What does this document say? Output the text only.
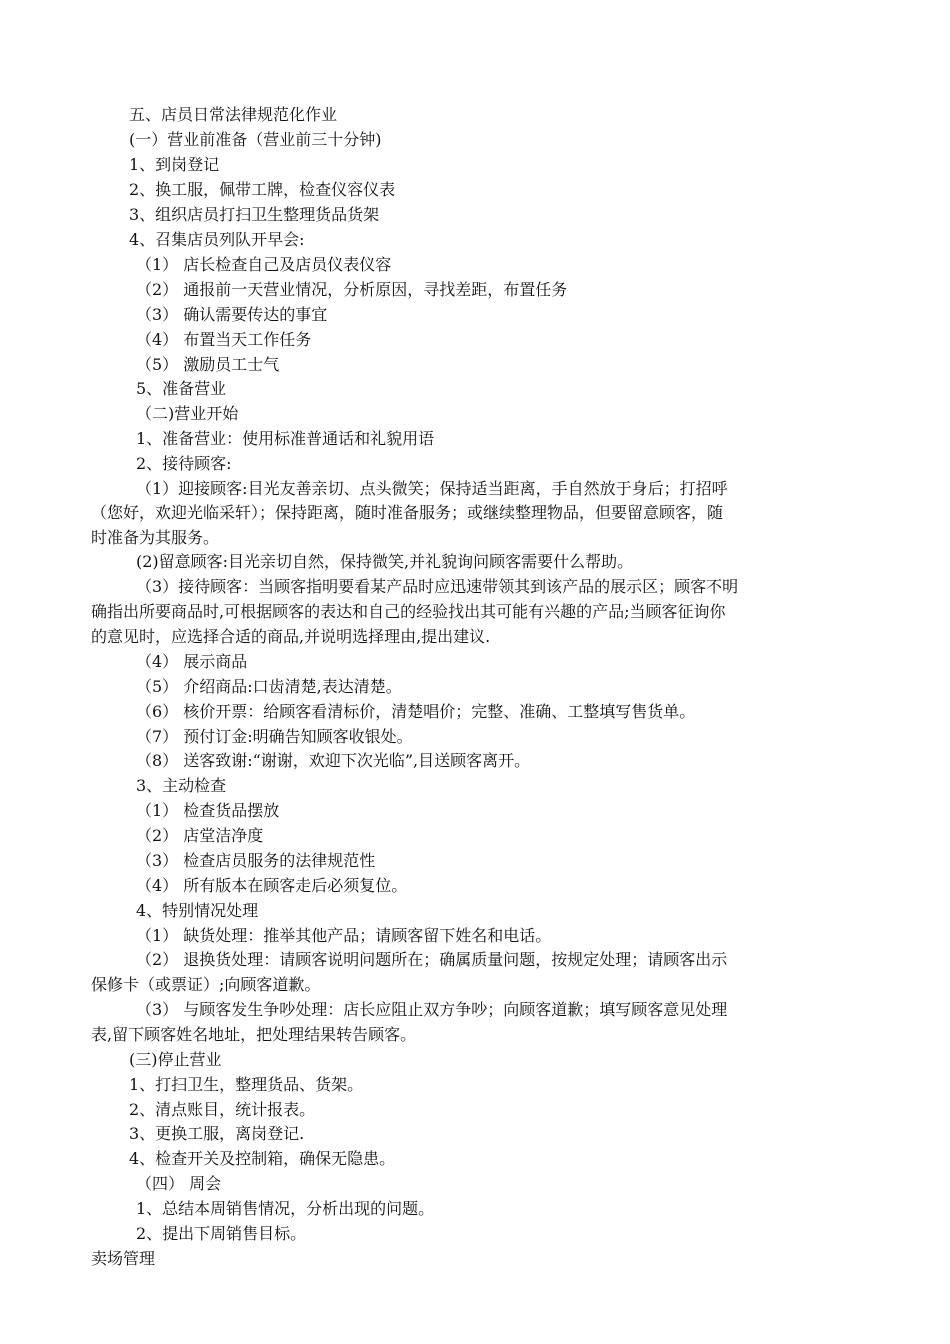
五、店员日常法律规范化作业
(一）营业前准备（营业前三十分钟)
1、到岗登记
2、换工服，佩带工牌，检查仪容仪表
3、组织店员打扫卫生整理货品货架
4、召集店员列队开早会:
（1） 店长检查自己及店员仪表仪容
（2） 通报前一天营业情况，分析原因，寻找差距，布置任务
（3） 确认需要传达的事宜
（4） 布置当天工作任务
（5） 激励员工士气
5、准备营业
（二)营业开始
1、准备营业：使用标准普通话和礼貌用语
2、接待顾客:
（1）迎接顾客:目光友善亲切、点头微笑；保持适当距离，手自然放于身后；打招呼
（您好，欢迎光临采轩）；保持距离，随时准备服务；或继续整理物品，但要留意顾客，随
时准备为其服务。
(2)留意顾客:目光亲切自然，保持微笑,并礼貌询问顾客需要什么帮助。
（3）接待顾客：当顾客指明要看某产品时应迅速带领其到该产品的展示区；顾客不明
确指出所要商品时,可根据顾客的表达和自己的经验找出其可能有兴趣的产品;当顾客征询你
的意见时，应选择合适的商品,并说明选择理由,提出建议.
（4） 展示商品
（5） 介绍商品:口齿清楚,表达清楚。
（6） 核价开票：给顾客看清标价，清楚唱价；完整、准确、工整填写售货单。
（7） 预付订金:明确告知顾客收银处。
（8） 送客致谢:“谢谢，欢迎下次光临”,目送顾客离开。
3、主动检查
（1） 检查货品摆放
（2） 店堂洁净度
（3） 检查店员服务的法律规范性
（4） 所有版本在顾客走后必须复位。
4、特别情况处理
（1） 缺货处理：推举其他产品；请顾客留下姓名和电话。
（2） 退换货处理：请顾客说明问题所在；确属质量问题，按规定处理；请顾客出示
保修卡（或票证）;向顾客道歉。
（3） 与顾客发生争吵处理：店长应阻止双方争吵；向顾客道歉；填写顾客意见处理
表,留下顾客姓名地址，把处理结果转告顾客。
(三)停止营业
1、打扫卫生，整理货品、货架。
2、清点账目，统计报表。
3、更换工服，离岗登记.
4、检查开关及控制箱，确保无隐患。
（四） 周会
1、总结本周销售情况，分析出现的问题。
2、提出下周销售目标。
卖场管理
